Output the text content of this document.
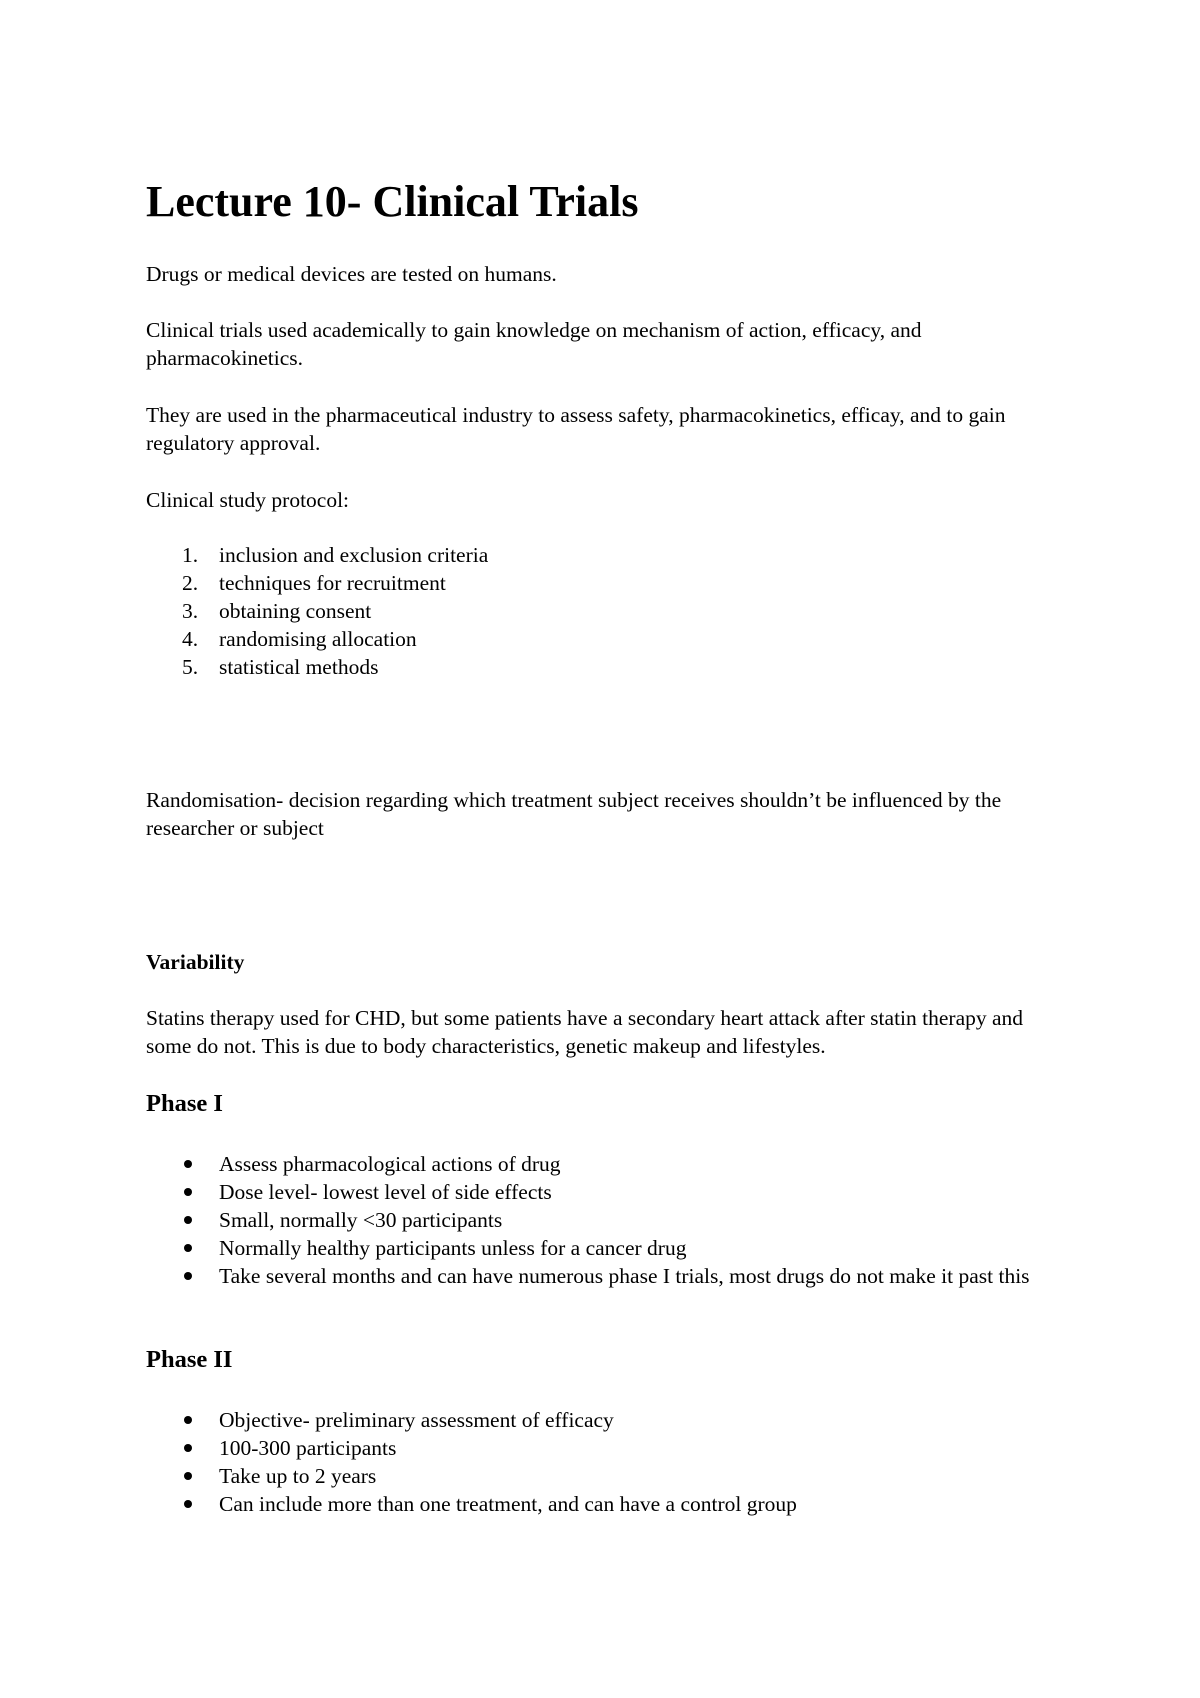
Lecture 10- Clinical Trials

Drugs or medical devices are tested on humans.

Clinical trials used academically to gain knowledge on mechanism of action, efficacy, and pharmacokinetics.

They are used in the pharmaceutical industry to assess safety, pharmacokinetics, efficay, and to gain regulatory approval.

Clinical study protocol:

1. inclusion and exclusion criteria
2. techniques for recruitment
3. obtaining consent
4. randomising allocation
5. statistical methods

Randomisation- decision regarding which treatment subject receives shouldn’t be influenced by the researcher or subject

Variability

Statins therapy used for CHD, but some patients have a secondary heart attack after statin therapy and some do not. This is due to body characteristics, genetic makeup and lifestyles.

Phase I
Assess pharmacological actions of drug
Dose level- lowest level of side effects
Small, normally <30 participants
Normally healthy participants unless for a cancer drug
Take several months and can have numerous phase I trials, most drugs do not make it past this
Phase II
Objective- preliminary assessment of efficacy
100-300 participants
Take up to 2 years
Can include more than one treatment, and can have a control group
